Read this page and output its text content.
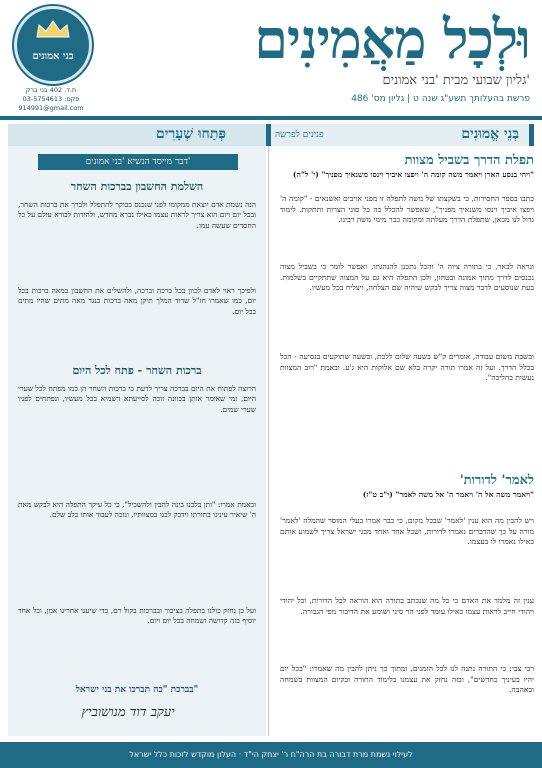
בני אמונים
ת.ד. 402 בני ברק
פקס: 03-5754613
914991@gmail.com
וּלְכָל מַאֲמִינִים
גליון שבועי מבית 'בני אמונים'
פרשת בהעלותך תשע"ג שנה ט | גליון מס' 486
בְּנֵי אֱמוּנִים
פנינים לפרשה
תפלת הדרך בשביל מצוות
"ויהי בנסע הארן ויאמר משה קומה ה' ויפצו איביך וינסו משנאיך מפניך" (י' ל"ה)
כתבו בספר החסידות, כי בשקצתו של משה לתפלה זו מפני אויבים ואשנאים - "קומה ה' ויפצו איביך וינסו משנאיך מפניך", שאפשר להכלל בה כל סוגי הצרות ותתקות. לימוד גדול לנו מכאן, שתפלת הדרך מעלתה ומקומה כבר מימי משה רבינו.
ונראה לבאר, כי בתורה ציוה ה' והכל נתכנן להנהגתו, ואפשר לומר כי בשביל מצוה נכנסים לדרך מתוך אמונה ובטחון, ולכן התפלה היא גם על המצוה שתתקיים בשלמות. בעת שנוסעים לדבר מצוה צריך לבקש שיהיה שם הצלחה, ויצליח בכל מעשיו.
ובשבת משום עבודה, אומרים ק"ש בשעה שלום ללכת, ובשעה שתוקעים בנסיעה - הכל בכלל הדרך. ועל זה אמרו תורה יקרה בלא שם אלוקות היא ג'ע. ובאמת "רוב המצוות נעשות בהליכה".
'לאמר' לדורות
"ויאמר משה אל ה' ויאמר ה' אל משה לאמר" (י"ב ט"ז)
ויש להבין מה הוא ענין 'לאמר' שבכל מקום, כי כבר אמרו בעלי המוסר שהמלה 'לאמר' מורה על כך שהדברים נאמרו לדורות, ושכל אחד ואחד מבני ישראל צריך לשמוע אותם כאילו נאמרו לו בעצמו.
ענין זה מלמד את האדם כי כל מה שנכתב בתורה הוא הוראה לכל הדורות, וכל יהודי ויהודי חייב לראות עצמו כאילו עומד לפני הר סיני ושומע את הדיבור מפי הגבורה.
רבי צבי: כי התורה נתנה לנו לכל הזמנים, ומתוך כך ניתן להבין מה שאמרו: "בכל יום יהיו בעיניך כחדשים", ובזה נחזק את עצמנו בלימוד התורה ובקיום המצוות בשמחה ובאהבה.
פְּתַחוּ שְׁעָרִים
דבר מייסד הנשיא 'בני אמונים'
השלמת החשבון בברכות השחר
הנה נשמת אדם יוצאת ממקומו לפני שנכנס בבוקר להתפלל ולברך את ברכות השחר, ובכל יום ויום הוא צריך לראות עצמו כאילו נברא מחדש, ולהודות לבורא עולם על כל החסדים שעשה עמו.
ולפיכך ראוי לאדם לכוון בכל ברכה וברכה, ולהשלים את החשבון במאה ברכות בכל יום, כמו שאמרו חז"ל שדוד המלך תיקן מאה ברכות כנגד מאה מתים שהיו מתים בכל יום.
ברכות השחר - פתח לכל היום
הרוצה לפתוח את היום בברכה צריך לדעת כי ברכות השחר הן כמו מפתח לכל שערי היום, ומי שאומר אותן בכוונה זוכה לסייעתא דשמיא בכל מעשיו, ונפתחים לפניו שערי שמים.
ובאמת אמרו: "ותן בלבנו בינה להבין ולהשכיל", כי כל עיקר התפלה היא לבקש מאת ה' שיאיר עינינו בתורתו וידבק לבנו במצוותיו, ונזכה לעבוד אותו בלב שלם.
ועל כן נחזק כולנו בתפלה בציבור ובברכות בקול רם, כדי שיענו אחרינו אמן, וכל אחד יוסיף בזה קדושה ושמחה בכל יום ויום.
בברכת "כה תברכו את בני ישראל"
יעקב דוד מנושוביץ
לעילוי נשמת מרת דבורה בת הרה"ח ר' יצחק הי"ד · העלון מוקדש לזכות כלל ישראל
